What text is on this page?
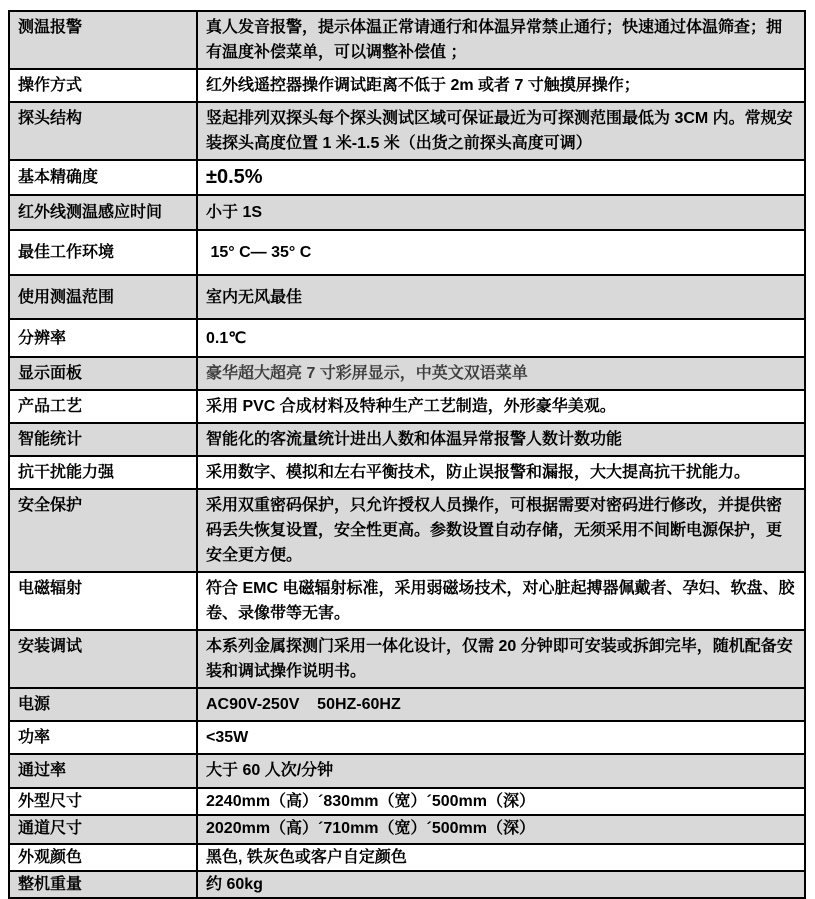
测温报警	真人发音报警，提示体温正常请通行和体温异常禁止通行；快速通过体温筛查；拥有温度补偿菜单，可以调整补偿值 ；
操作方式	红外线遥控器操作调试距离不低于 2m 或者 7 寸触摸屏操作；
探头结构	竖起排列双探头每个探头测试区域可保证最近为可探测范围最低为 3CM 内。常规安装探头高度位置 1 米-1.5 米（出货之前探头高度可调）
基本精确度	±0.5%
红外线测温感应时间	小于 1S
最佳工作环境	15° C— 35° C
使用测温范围	室内无风最佳
分辨率	0.1℃
显示面板	豪华超大超亮 7 寸彩屏显示，中英文双语菜单
产品工艺	采用 PVC 合成材料及特种生产工艺制造，外形豪华美观。
智能统计	智能化的客流量统计进出人数和体温异常报警人数计数功能
抗干扰能力强	采用数字、模拟和左右平衡技术，防止误报警和漏报，大大提高抗干扰能力。
安全保护	采用双重密码保护，只允许授权人员操作，可根据需要对密码进行修改，并提供密码丢失恢复设置，安全性更高。参数设置自动存储，无须采用不间断电源保护，更安全更方便。
电磁辐射	符合 EMC 电磁辐射标准，采用弱磁场技术，对心脏起搏器佩戴者、孕妇、软盘、胶卷、录像带等无害。
安装调试	本系列金属探测门采用一体化设计，仅需 20 分钟即可安装或拆卸完毕，随机配备安装和调试操作说明书。
电源	AC90V-250V    50HZ-60HZ
功率	<35W
通过率	大于 60 人次/分钟
外型尺寸	2240mm（高）´830mm（宽）´500mm（深）
通道尺寸	2020mm（高）´710mm（宽）´500mm（深）
外观颜色	黑色, 铁灰色或客户自定颜色
整机重量	约 60kg
